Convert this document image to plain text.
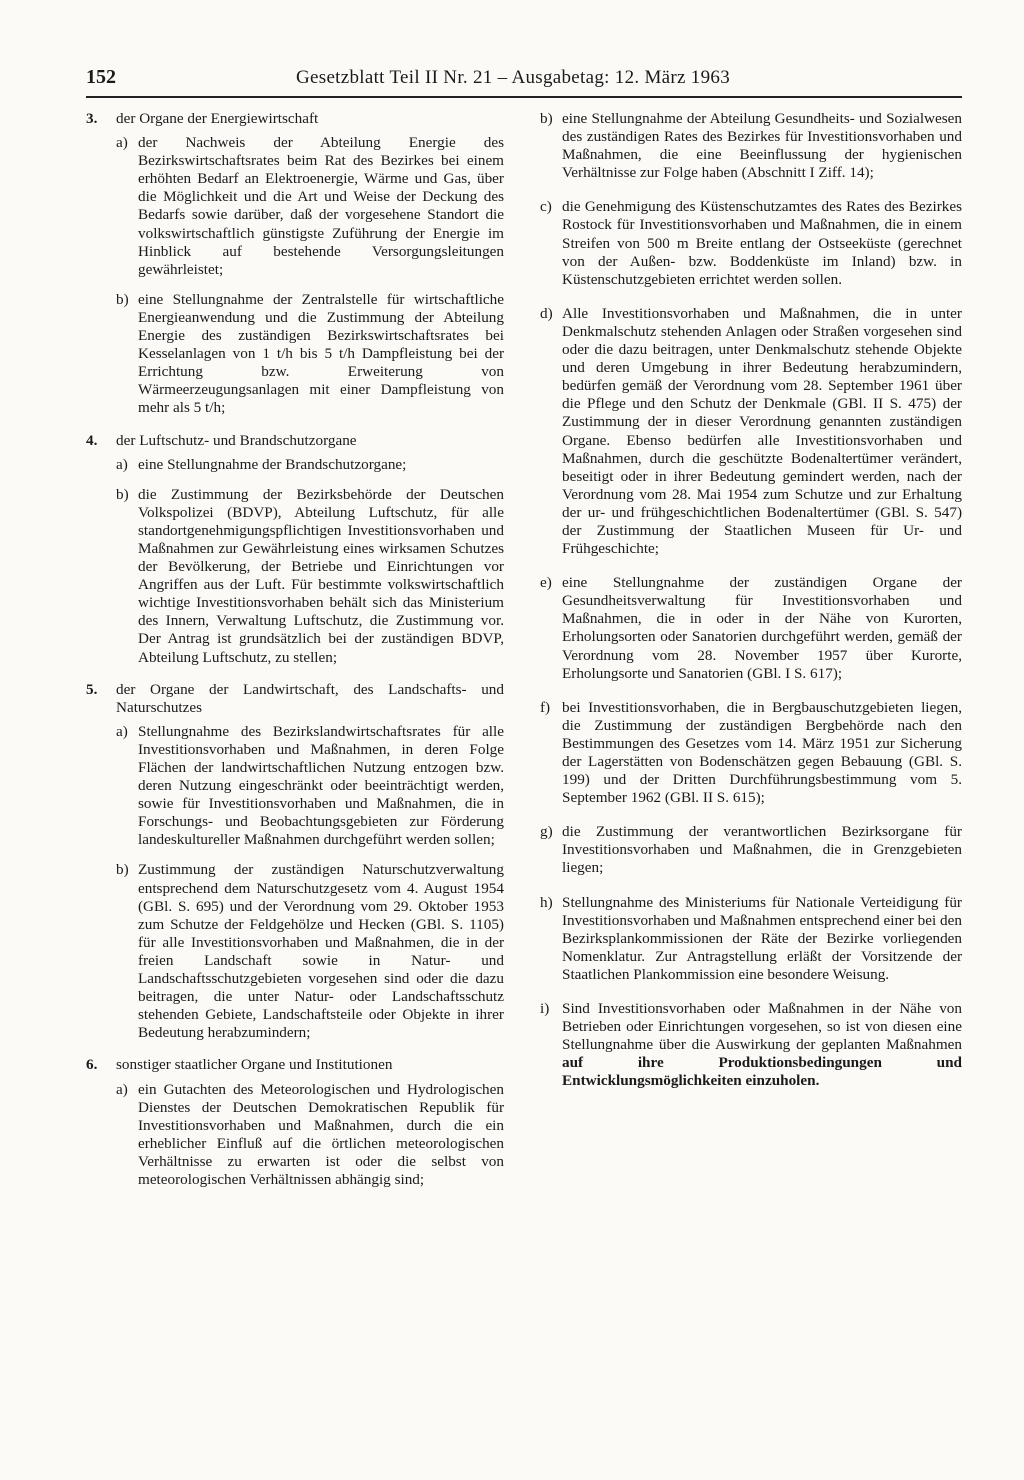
152	Gesetzblatt Teil II Nr. 21 – Ausgabetag: 12. März 1963
3.	der Organe der Energiewirtschaft
a) der Nachweis der Abteilung Energie des Bezirkswirtschaftsrates beim Rat des Bezirkes bei einem erhöhten Bedarf an Elektroenergie, Wärme und Gas, über die Möglichkeit und die Art und Weise der Deckung des Bedarfs sowie darüber, daß der vorgesehene Standort die volkswirtschaftlich günstigste Zuführung der Energie im Hinblick auf bestehende Versorgungsleitungen gewährleistet;
b) eine Stellungnahme der Zentralstelle für wirtschaftliche Energieanwendung und die Zustimmung der Abteilung Energie des zuständigen Bezirkswirtschaftsrates bei Kesselanlagen von 1 t/h bis 5 t/h Dampfleistung bei der Errichtung bzw. Erweiterung von Wärmeerzeugungsanlagen mit einer Dampfleistung von mehr als 5 t/h;
4.	der Luftschutz- und Brandschutzorgane
a) eine Stellungnahme der Brandschutzorgane;
b) die Zustimmung der Bezirksbehörde der Deutschen Volkspolizei (BDVP), Abteilung Luftschutz, für alle standortgenehmigungspflichtigen Investitionsvorhaben und Maßnahmen zur Gewährleistung eines wirksamen Schutzes der Bevölkerung, der Betriebe und Einrichtungen vor Angriffen aus der Luft. Für bestimmte volkswirtschaftlich wichtige Investitionsvorhaben behält sich das Ministerium des Innern, Verwaltung Luftschutz, die Zustimmung vor. Der Antrag ist grundsätzlich bei der zuständigen BDVP, Abteilung Luftschutz, zu stellen;
5.	der Organe der Landwirtschaft, des Landschafts- und Naturschutzes
a) Stellungnahme des Bezirkslandwirtschaftsrates für alle Investitionsvorhaben und Maßnahmen, in deren Folge Flächen der landwirtschaftlichen Nutzung entzogen bzw. deren Nutzung eingeschränkt oder beeinträchtigt werden, sowie für Investitionsvorhaben und Maßnahmen, die in Forschungs- und Beobachtungsgebieten zur Förderung landeskultureller Maßnahmen durchgeführt werden sollen;
b) Zustimmung der zuständigen Naturschutzverwaltung entsprechend dem Naturschutzgesetz vom 4. August 1954 (GBl. S. 695) und der Verordnung vom 29. Oktober 1953 zum Schutze der Feldgehölze und Hecken (GBl. S. 1105) für alle Investitionsvorhaben und Maßnahmen, die in der freien Landschaft sowie in Natur- und Landschaftsschutzgebieten vorgesehen sind oder die dazu beitragen, die unter Natur- oder Landschaftsschutz stehenden Gebiete, Landschaftsteile oder Objekte in ihrer Bedeutung herabzumindern;
6.	sonstiger staatlicher Organe und Institutionen
a) ein Gutachten des Meteorologischen und Hydrologischen Dienstes der Deutschen Demokratischen Republik für Investitionsvorhaben und Maßnahmen, durch die ein erheblicher Einfluß auf die örtlichen meteorologischen Verhältnisse zu erwarten ist oder die selbst von meteorologischen Verhältnissen abhängig sind;
b) eine Stellungnahme der Abteilung Gesundheits- und Sozialwesen des zuständigen Rates des Bezirkes für Investitionsvorhaben und Maßnahmen, die eine Beeinflussung der hygienischen Verhältnisse zur Folge haben (Abschnitt I Ziff. 14);
c) die Genehmigung des Küstenschutzamtes des Rates des Bezirkes Rostock für Investitionsvorhaben und Maßnahmen, die in einem Streifen von 500 m Breite entlang der Ostseeküste (gerechnet von der Außen- bzw. Boddenküste im Inland) bzw. in Küstenschutzgebieten errichtet werden sollen.
d) Alle Investitionsvorhaben und Maßnahmen, die in unter Denkmalschutz stehenden Anlagen oder Straßen vorgesehen sind oder die dazu beitragen, unter Denkmalschutz stehende Objekte und deren Umgebung in ihrer Bedeutung herabzumindern, bedürfen gemäß der Verordnung vom 28. September 1961 über die Pflege und den Schutz der Denkmale (GBl. II S. 475) der Zustimmung der in dieser Verordnung genannten zuständigen Organe. Ebenso bedürfen alle Investitionsvorhaben und Maßnahmen, durch die geschützte Bodenaltertümer verändert, beseitigt oder in ihrer Bedeutung gemindert werden, nach der Verordnung vom 28. Mai 1954 zum Schutze und zur Erhaltung der ur- und frühgeschichtlichen Bodenaltertümer (GBl. S. 547) der Zustimmung der Staatlichen Museen für Ur- und Frühgeschichte;
e) eine Stellungnahme der zuständigen Organe der Gesundheitsverwaltung für Investitionsvorhaben und Maßnahmen, die in oder in der Nähe von Kurorten, Erholungsorten oder Sanatorien durchgeführt werden, gemäß der Verordnung vom 28. November 1957 über Kurorte, Erholungsorte und Sanatorien (GBl. I S. 617);
f) bei Investitionsvorhaben, die in Bergbauschutzgebieten liegen, die Zustimmung der zuständigen Bergbehörde nach den Bestimmungen des Gesetzes vom 14. März 1951 zur Sicherung der Lagerstätten von Bodenschätzen gegen Bebauung (GBl. S. 199) und der Dritten Durchführungsbestimmung vom 5. September 1962 (GBl. II S. 615);
g) die Zustimmung der verantwortlichen Bezirksorgane für Investitionsvorhaben und Maßnahmen, die in Grenzgebieten liegen;
h) Stellungnahme des Ministeriums für Nationale Verteidigung für Investitionsvorhaben und Maßnahmen entsprechend einer bei den Bezirksplankommissionen der Räte der Bezirke vorliegenden Nomenklatur. Zur Antragstellung erläßt der Vorsitzende der Staatlichen Plankommission eine besondere Weisung.
i) Sind Investitionsvorhaben oder Maßnahmen in der Nähe von Betrieben oder Einrichtungen vorgesehen, so ist von diesen eine Stellungnahme über die Auswirkung der geplanten Maßnahmen auf ihre Produktionsbedingungen und Entwicklungsmöglichkeiten einzuholen.
